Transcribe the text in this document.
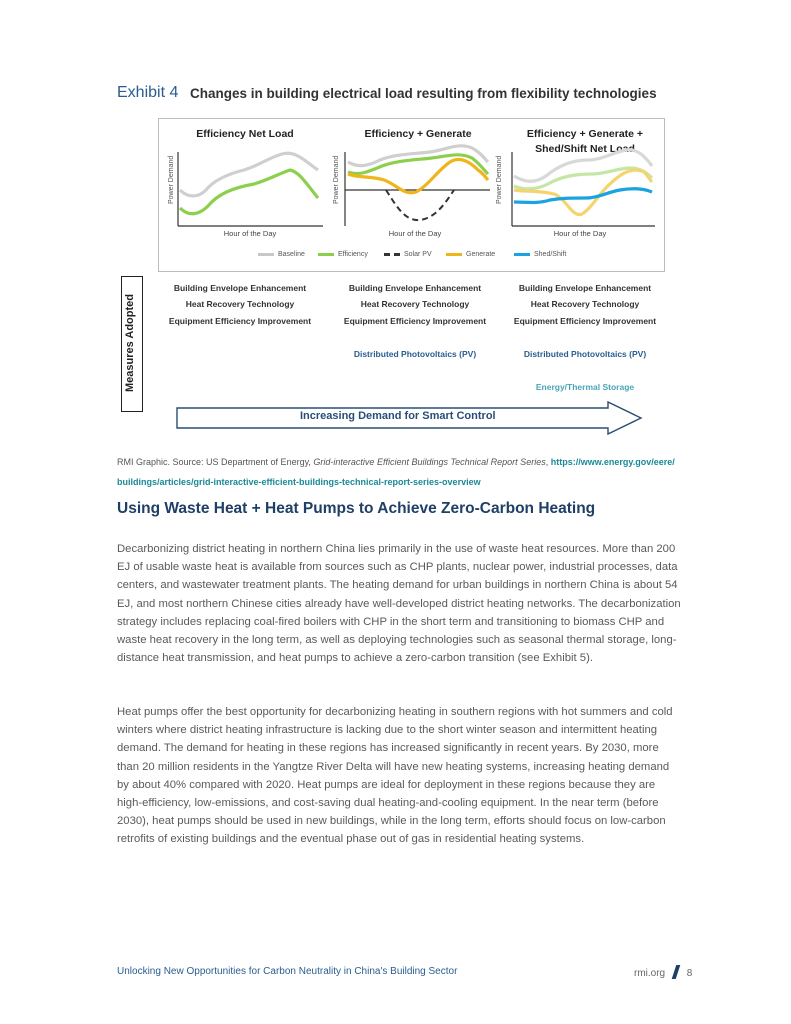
Exhibit 4 Changes in building electrical load resulting from flexibility technologies
Efficiency Net Load	Efficiency + Generate	Efficiency + Generate +
Shed/Shift Net Load
Power Demand	Power Demand	Power Demand
Hour of the Day	Hour of the Day	Hour of the Day
Baseline	Efficiency	Solar PV	Generate	Shed/Shift
Measures Adopted
Building Envelope Enhancement
Heat Recovery Technology
Equipment Efficiency Improvement
Building Envelope Enhancement
Heat Recovery Technology
Equipment Efficiency Improvement
Distributed Photovoltaics (PV)
Building Envelope Enhancement
Heat Recovery Technology
Equipment Efficiency Improvement
Distributed Photovoltaics (PV)
Energy/Thermal Storage
Increasing Demand for Smart Control
RMI Graphic. Source: US Department of Energy, Grid-interactive Efficient Buildings Technical Report Series, https://www.energy.gov/eere/buildings/articles/grid-interactive-efficient-buildings-technical-report-series-overview
Using Waste Heat + Heat Pumps to Achieve Zero-Carbon Heating
Decarbonizing district heating in northern China lies primarily in the use of waste heat resources. More than 200 EJ of usable waste heat is available from sources such as CHP plants, nuclear power, industrial processes, data centers, and wastewater treatment plants. The heating demand for urban buildings in northern China is about 54 EJ, and most northern Chinese cities already have well-developed district heating networks. The decarbonization strategy includes replacing coal-fired boilers with CHP in the short term and transitioning to biomass CHP and waste heat recovery in the long term, as well as deploying technologies such as seasonal thermal storage, long-distance heat transmission, and heat pumps to achieve a zero-carbon transition (see Exhibit 5).
Heat pumps offer the best opportunity for decarbonizing heating in southern regions with hot summers and cold winters where district heating infrastructure is lacking due to the short winter season and intermittent heating demand. The demand for heating in these regions has increased significantly in recent years. By 2030, more than 20 million residents in the Yangtze River Delta will have new heating systems, increasing heating demand by about 40% compared with 2020. Heat pumps are ideal for deployment in these regions because they are high-efficiency, low-emissions, and cost-saving dual heating-and-cooling equipment. In the near term (before 2030), heat pumps should be used in new buildings, while in the long term, efforts should focus on low-carbon retrofits of existing buildings and the eventual phase out of gas in residential heating systems.
Unlocking New Opportunities for Carbon Neutrality in China's Building Sector	rmi.org 8
